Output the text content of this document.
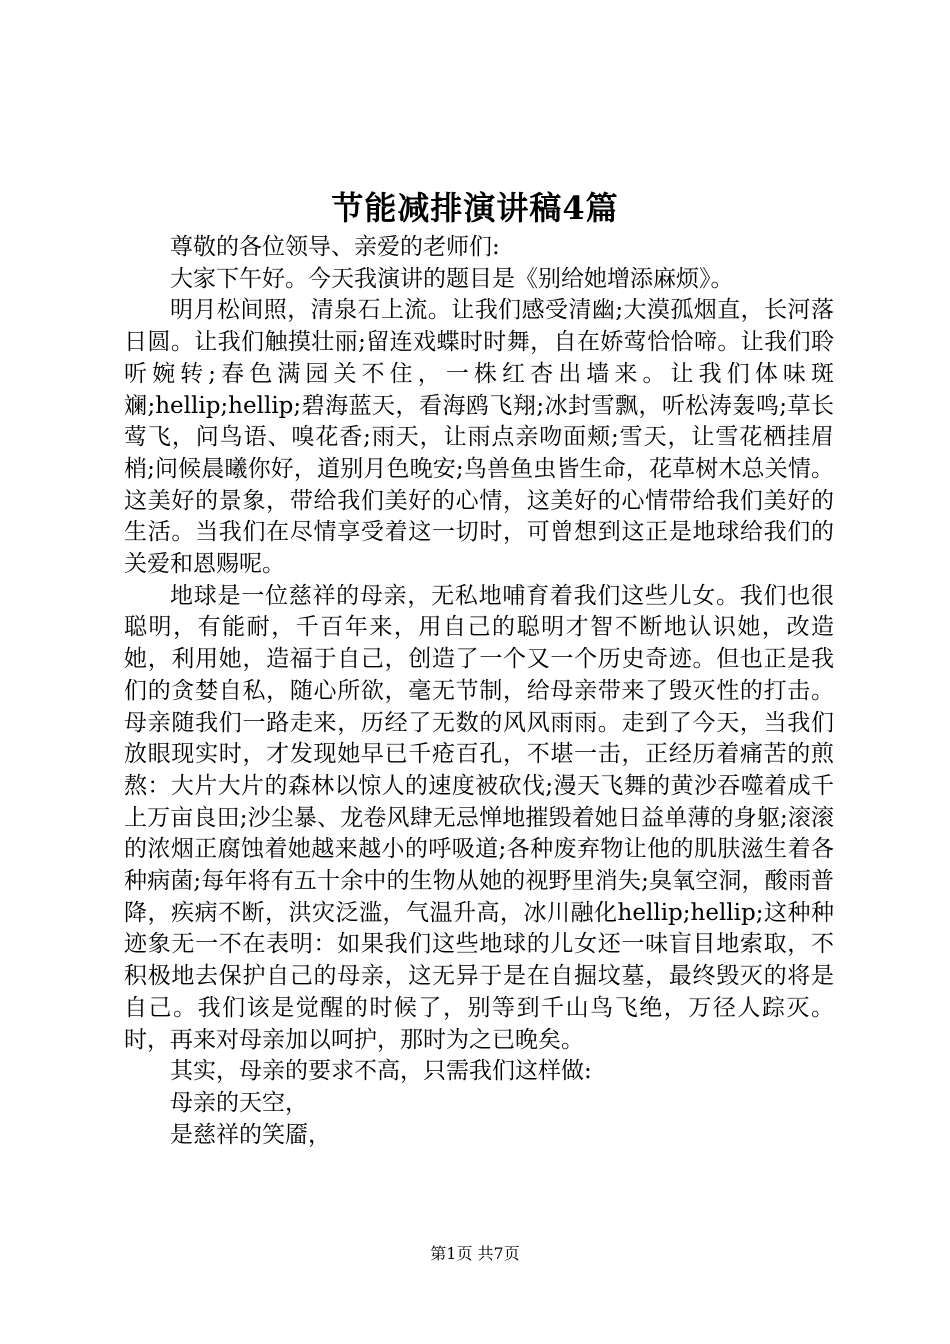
节能减排演讲稿4篇

尊敬的各位领导、亲爱的老师们:

大家下午好。今天我演讲的题目是《别给她增添麻烦》。

明月松间照，清泉石上流。让我们感受清幽;大漠孤烟直，长河落日圆。让我们触摸壮丽;留连戏蝶时时舞，自在娇莺恰恰啼。让我们聆听婉转;春色满园关不住，一株红杏出墙来。让我们体味斑斓;hellip;hellip;碧海蓝天，看海鸥飞翔;冰封雪飘，听松涛轰鸣;草长莺飞，问鸟语、嗅花香;雨天，让雨点亲吻面颊;雪天，让雪花栖挂眉梢;问候晨曦你好，道别月色晚安;鸟兽鱼虫皆生命，花草树木总关情。这美好的景象，带给我们美好的心情，这美好的心情带给我们美好的生活。当我们在尽情享受着这一切时，可曾想到这正是地球给我们的关爱和恩赐呢。

地球是一位慈祥的母亲，无私地哺育着我们这些儿女。我们也很聪明，有能耐，千百年来，用自己的聪明才智不断地认识她，改造她，利用她，造福于自己，创造了一个又一个历史奇迹。但也正是我们的贪婪自私，随心所欲，毫无节制，给母亲带来了毁灭性的打击。母亲随我们一路走来，历经了无数的风风雨雨。走到了今天，当我们放眼现实时，才发现她早已千疮百孔，不堪一击，正经历着痛苦的煎熬：大片大片的森林以惊人的速度被砍伐;漫天飞舞的黄沙吞噬着成千上万亩良田;沙尘暴、龙卷风肆无忌惮地摧毁着她日益单薄的身躯;滚滚的浓烟正腐蚀着她越来越小的呼吸道;各种废弃物让他的肌肤滋生着各种病菌;每年将有五十余中的生物从她的视野里消失;臭氧空洞，酸雨普降，疾病不断，洪灾泛滥，气温升高，冰川融化hellip;hellip;这种种迹象无一不在表明：如果我们这些地球的儿女还一味盲目地索取，不积极地去保护自己的母亲，这无异于是在自掘坟墓，最终毁灭的将是自己。我们该是觉醒的时候了，别等到千山鸟飞绝，万径人踪灭。时，再来对母亲加以呵护，那时为之已晚矣。

其实，母亲的要求不高，只需我们这样做:

母亲的天空，

是慈祥的笑靥，

第1页 共7页
